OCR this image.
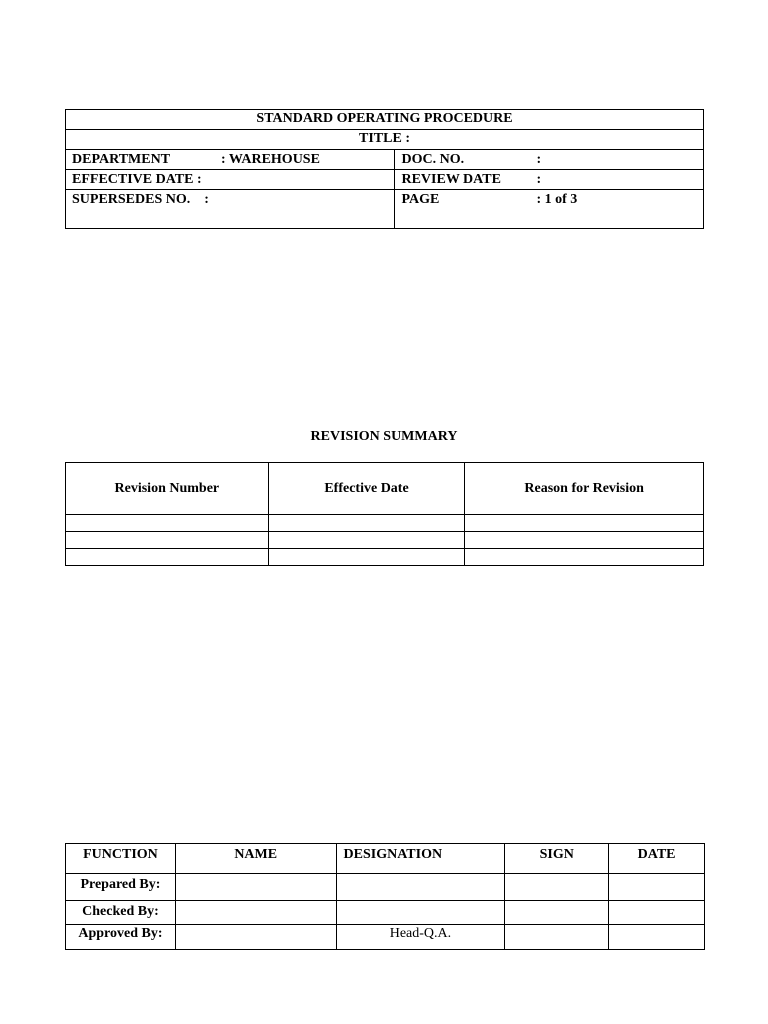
STANDARD OPERATING PROCEDURE	
TITLE :	

DEPARTMENT : WAREHOUSE	DOC. NO. :

EFFECTIVE DATE :	REVIEW DATE :

SUPERSEDES NO.    :	PAGE : 1 of 3
REVISION SUMMARY
Revision Number	Effective Date	Reason for Revision

FUNCTION	NAME	DESIGNATION	SIGN	DATE
Prepared By:				
Checked By:				
Approved By:		Head-Q.A.		
